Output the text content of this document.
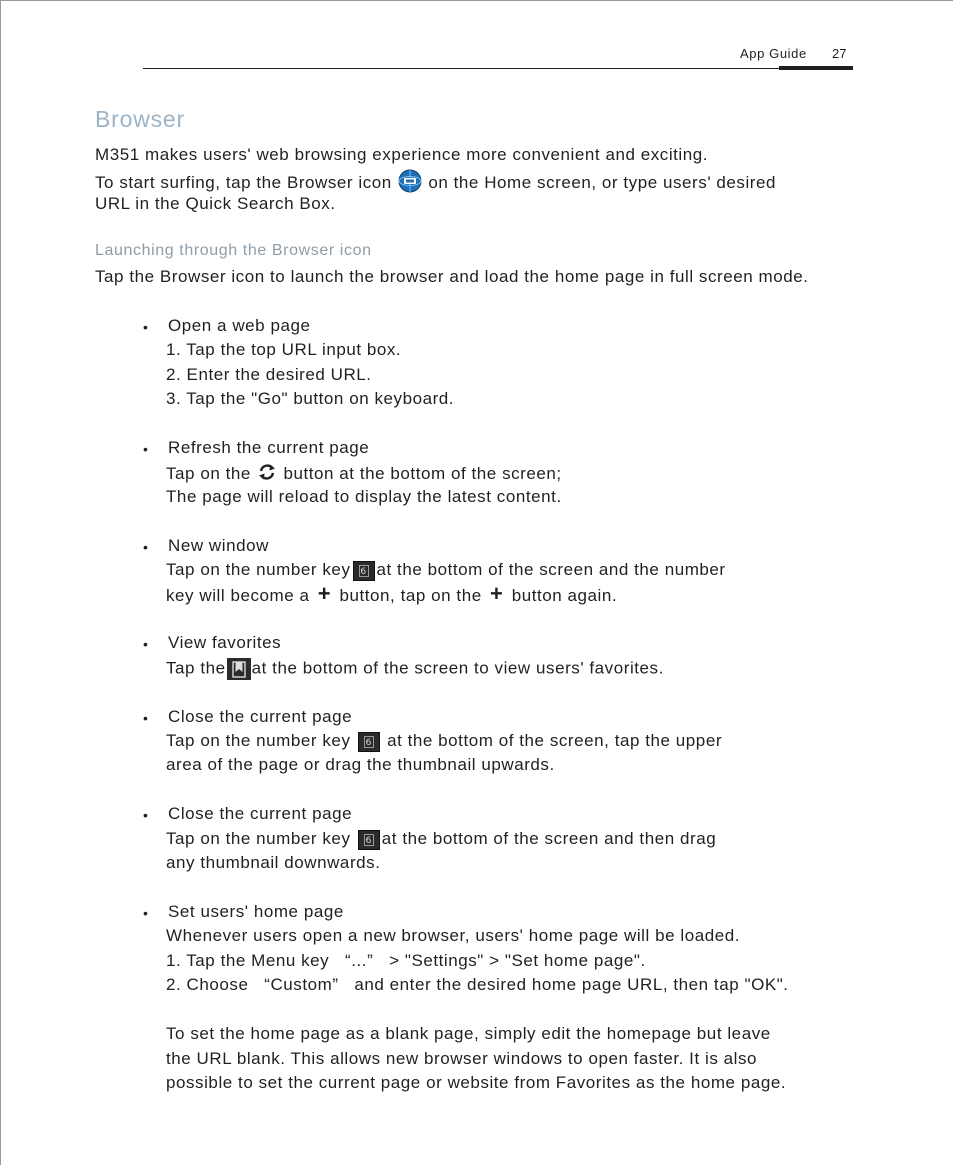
App Guide 27
Browser
M351 makes users' web browsing experience more convenient and exciting.
To start surfing, tap the Browser icon on the Home screen, or type users' desired
URL in the Quick Search Box.
Launching through the Browser icon
Tap the Browser icon to launch the browser and load the home page in full screen mode.
• Open a web page
1. Tap the top URL input box.
2. Enter the desired URL.
3. Tap the "Go" button on keyboard.
• Refresh the current page
Tap on the button at the bottom of the screen;
The page will reload to display the latest content.
• New window
Tap on the number key 6 at the bottom of the screen and the number
key will become a + button, tap on the + button again.
• View favorites
Tap the at the bottom of the screen to view users' favorites.
• Close the current page
Tap on the number key 6 at the bottom of the screen, tap the upper
area of the page or drag the thumbnail upwards.
• Close the current page
Tap on the number key 6 at the bottom of the screen and then drag
any thumbnail downwards.
• Set users' home page
Whenever users open a new browser, users' home page will be loaded.
1. Tap the Menu key   “...”   > "Settings" > "Set home page".
2. Choose   “Custom”   and enter the desired home page URL, then tap "OK".
To set the home page as a blank page, simply edit the homepage but leave
the URL blank. This allows new browser windows to open faster. It is also
possible to set the current page or website from Favorites as the home page.
